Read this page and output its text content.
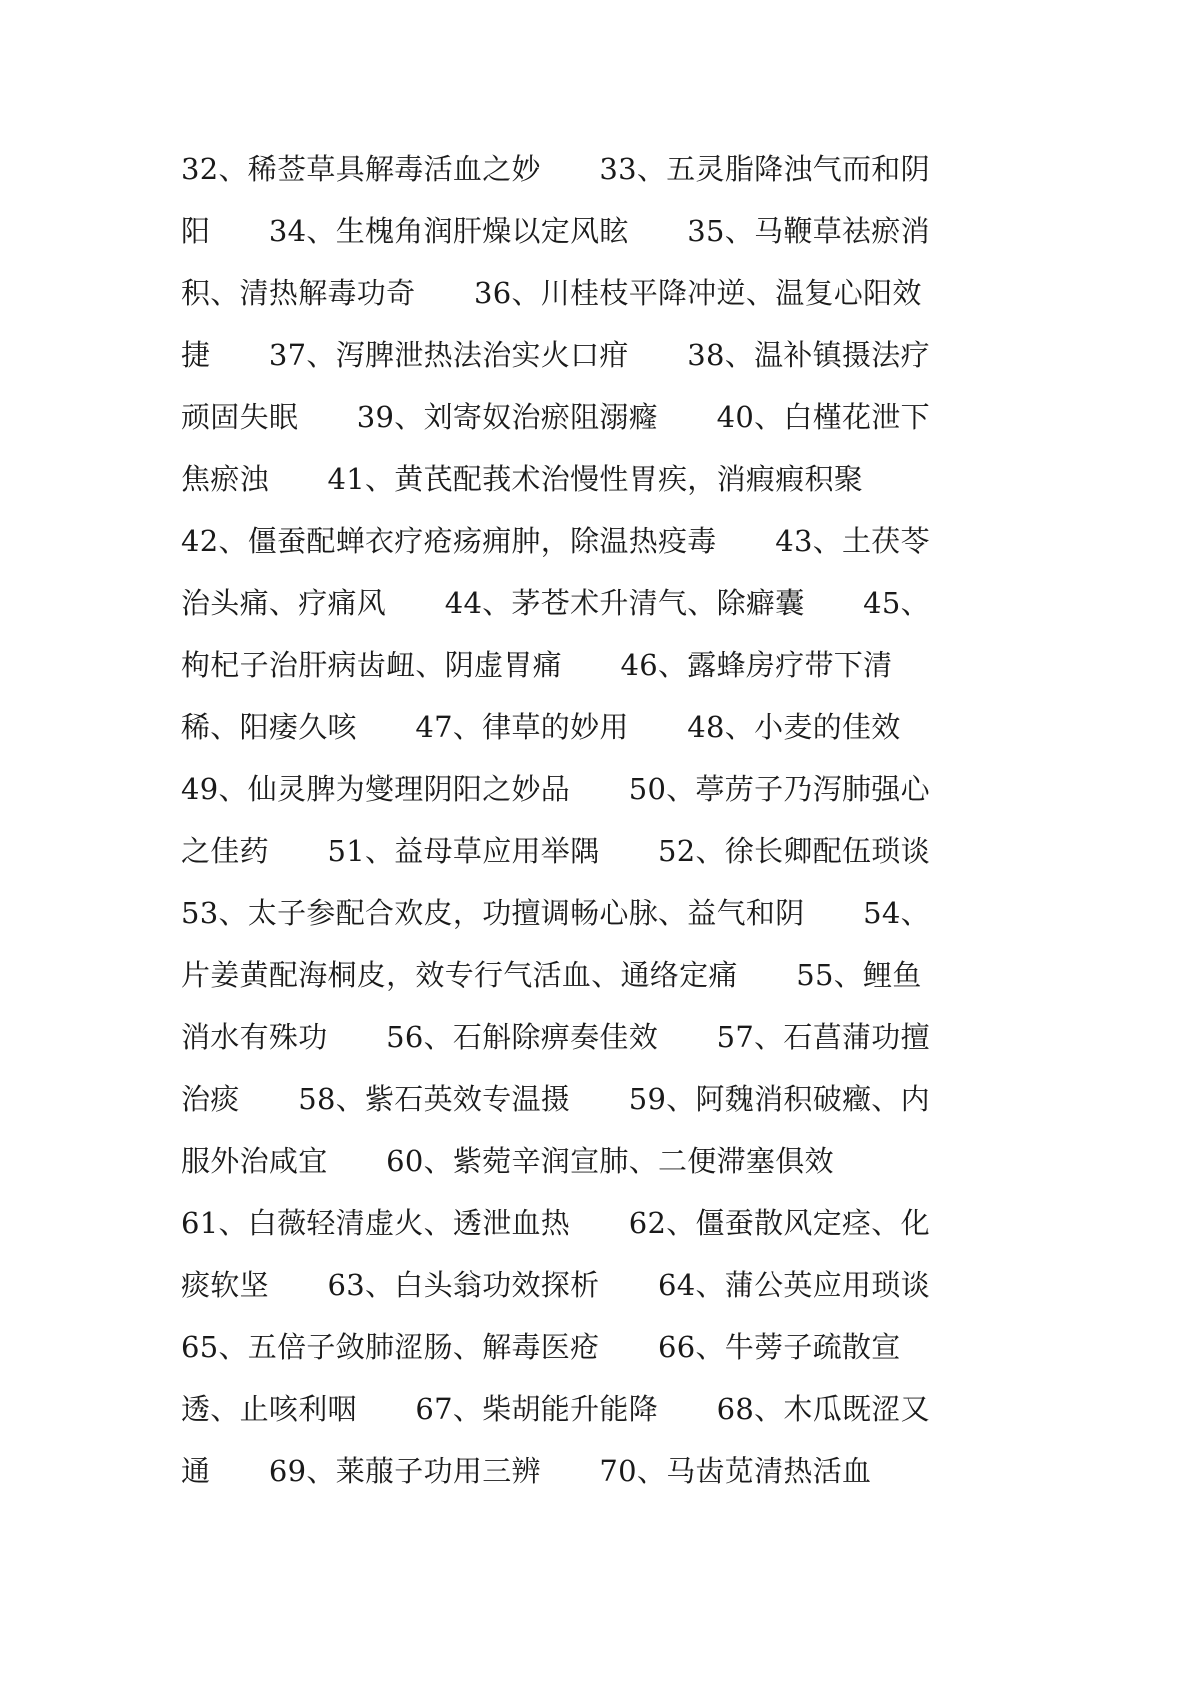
32、稀莶草具解毒活血之妙　　33、五灵脂降浊气而和阴
阳　　34、生槐角润肝燥以定风眩　　35、马鞭草祛瘀消
积、清热解毒功奇　　36、川桂枝平降冲逆、温复心阳效
捷　　37、泻脾泄热法治实火口疳　　38、温补镇摄法疗
顽固失眠　　39、刘寄奴治瘀阻溺癃　　40、白槿花泄下
焦瘀浊　　41、黄芪配莪术治慢性胃疾，消瘕瘕积聚
42、僵蚕配蝉衣疗疮疡痈肿，除温热疫毒　　43、土茯苓
治头痛、疗痛风　　44、茅苍术升清气、除癖囊　　45、
枸杞子治肝病齿衄、阴虚胃痛　　46、露蜂房疗带下清
稀、阳痿久咳　　47、律草的妙用　　48、小麦的佳效
49、仙灵脾为燮理阴阳之妙品　　50、葶苈子乃泻肺强心
之佳药　　51、益母草应用举隅　　52、徐长卿配伍琐谈
53、太子参配合欢皮，功擅调畅心脉、益气和阴　　54、
片姜黄配海桐皮，效专行气活血、通络定痛　　55、鲤鱼
消水有殊功　　56、石斛除痹奏佳效　　57、石菖蒲功擅
治痰　　58、紫石英效专温摄　　59、阿魏消积破癥、内
服外治咸宜　　60、紫菀辛润宣肺、二便滞塞俱效
61、白薇轻清虚火、透泄血热　　62、僵蚕散风定痉、化
痰软坚　　63、白头翁功效探析　　64、蒲公英应用琐谈
65、五倍子敛肺涩肠、解毒医疮　　66、牛蒡子疏散宣
透、止咳利咽　　67、柴胡能升能降　　68、木瓜既涩又
通　　69、莱菔子功用三辨　　70、马齿苋清热活血
